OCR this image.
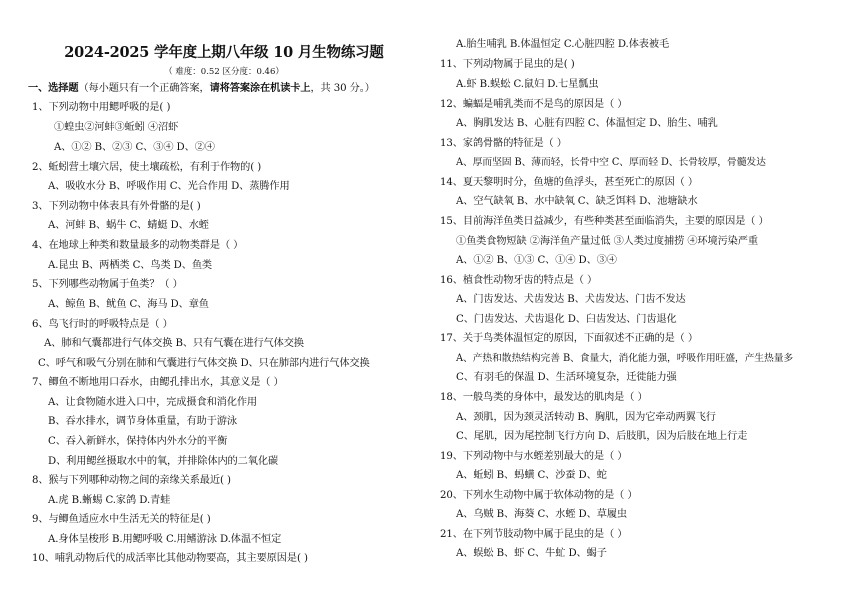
2024-2025 学年度上期八年级 10 月生物练习题
（ 难度：0.52 区分度：0.46）
一、选择题（每小题只有一个正确答案，请将答案涂在机读卡上，共 30 分。）
1、下列动物中用鳃呼吸的是( )
①蝗虫②河蚌③蚯蚓 ④沼虾
A、①② B、②③ C、③④ D、②④
2、蚯蚓营土壤穴居，使土壤疏松，有利于作物的( )
A、吸收水分 B、呼吸作用 C、光合作用 D、蒸腾作用
3、下列动物中体表具有外骨骼的是( )
A、河蚌 B、蜗牛 C、蜻蜓 D、水蛭
4、在地球上种类和数量最多的动物类群是（ ）
A.昆虫 B、两栖类 C、鸟类 D、鱼类
5、下列哪些动物属于鱼类？（ ）
A、鲸鱼 B、鱿鱼 C、海马 D、章鱼
6、鸟飞行时的呼吸特点是（ ）
A、肺和气囊都进行气体交换 B、只有气囊在进行气体交换
C、呼气和吸气分别在肺和气囊进行气体交换 D、只在肺部内进行气体交换
7、鲫鱼不断地用口吞水，由鳃孔排出水，其意义是（ ）
A、让食物随水进入口中，完成摄食和消化作用
B、吞水排水，调节身体重量，有助于游泳
C、吞入新鲜水，保持体内外水分的平衡
D、利用鳃丝摄取水中的氧，并排除体内的二氧化碳
8、猴与下列哪种动物之间的亲缘关系最近( )
A.虎 B.蜥蜴 C.家鸽 D.青蛙
9、与鲫鱼适应水中生活无关的特征是( )
A.身体呈梭形 B.用鳃呼吸 C.用鳍游泳 D.体温不恒定
10、哺乳动物后代的成活率比其他动物要高，其主要原因是( )
A.胎生哺乳 B.体温恒定 C.心脏四腔 D.体表被毛
11、下列动物属于昆虫的是( )
A.虾 B.蜈蚣 C.鼠妇 D.七星瓢虫
12、蝙蝠是哺乳类而不是鸟的原因是（ ）
A、胸肌发达 B、心脏有四腔 C、体温恒定 D、胎生、哺乳
13、家鸽骨骼的特征是（ ）
A、厚而坚固 B、薄而轻，长骨中空 C、厚而轻 D、长骨较厚，骨髓发达
14、夏天黎明时分，鱼塘的鱼浮头，甚至死亡的原因（ ）
A、空气缺氧 B、水中缺氧 C、缺乏饵料 D、池塘缺水
15、目前海洋鱼类日益减少，有些种类甚至面临消失，主要的原因是（ ）
①鱼类食物短缺 ②海洋鱼产量过低 ③人类过度捕捞 ④环境污染严重
A、①② B、①③ C、①④ D、③④
16、植食性动物牙齿的特点是（ ）
A、门齿发达、犬齿发达 B、犬齿发达、门齿不发达
C、门齿发达、犬齿退化 D、臼齿发达、门齿退化
17、关于鸟类体温恒定的原因，下面叙述不正确的是（ ）
A、产热和散热结构完善 B、食量大，消化能力强，呼吸作用旺盛，产生热量多
C、有羽毛的保温 D、生活环境复杂，迁徙能力强
18、一般鸟类的身体中，最发达的肌肉是（ ）
A、颈肌，因为颈灵活转动 B、胸肌，因为它牵动两翼飞行
C、尾肌，因为尾控制飞行方向 D、后肢肌，因为后肢在地上行走
19、下列动物中与水蛭差别最大的是（ ）
A、蚯蚓 B、蚂蟥 C、沙蚕 D、蛇
20、下列水生动物中属于软体动物的是（ ）
A、乌贼 B、海葵 C、水蛭 D、草履虫
21、在下列节肢动物中属于昆虫的是（ ）
A、蜈蚣 B、虾 C、牛虻 D、蝎子
